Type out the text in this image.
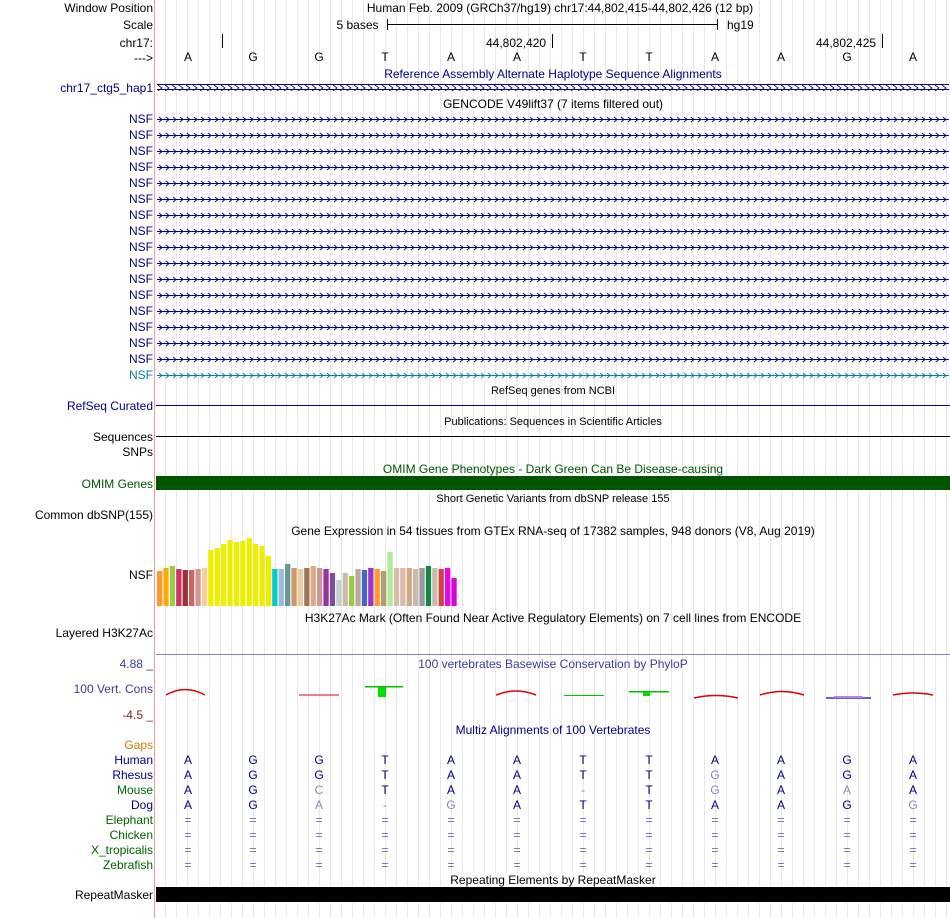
Window Position	Human Feb. 2009 (GRCh37/hg19) chr17:44,802,415-44,802,426 (12 bp)
Scale	5 bases	hg19
chr17:	44,802,420	44,802,425
--->	A	G	G	T	A	A	T	T	A	A	G	A
Reference Assembly Alternate Haplotype Sequence Alignments
chr17_ctg5_hap1
GENCODE V49lift37 (7 items filtered out)
NSF
NSF
NSF
NSF
NSF
NSF
NSF
NSF
NSF
NSF
NSF
NSF
NSF
NSF
NSF
NSF
NSF
RefSeq genes from NCBI
RefSeq Curated
Publications: Sequences in Scientific Articles
Sequences
SNPs
OMIM Gene Phenotypes - Dark Green Can Be Disease-causing
OMIM Genes
Short Genetic Variants from dbSNP release 155
Common dbSNP(155)
Gene Expression in 54 tissues from GTEx RNA-seq of 17382 samples, 948 donors (V8, Aug 2019)
NSF
H3K27Ac Mark (Often Found Near Active Regulatory Elements) on 7 cell lines from ENCODE
Layered H3K27Ac
100 vertebrates Basewise Conservation by PhyloP
4.88 _
100 Vert. Cons
-4.5 _
Multiz Alignments of 100 Vertebrates
Gaps
Human	A	G	G	T	A	A	T	T	A	A	G	A
Rhesus	A	G	G	T	A	A	T	T	G	A	G	A
Mouse	A	G	C	T	A	A	-	T	G	A	A	A
Dog	A	G	A	-	G	A	T	T	A	A	G	G
Elephant	=	=	=	=	=	=	=	=	=	=	=	=
Chicken	=	=	=	=	=	=	=	=	=	=	=	=
X_tropicalis	=	=	=	=	=	=	=	=	=	=	=	=
Zebrafish	=	=	=	=	=	=	=	=	=	=	=	=
Repeating Elements by RepeatMasker
RepeatMasker
